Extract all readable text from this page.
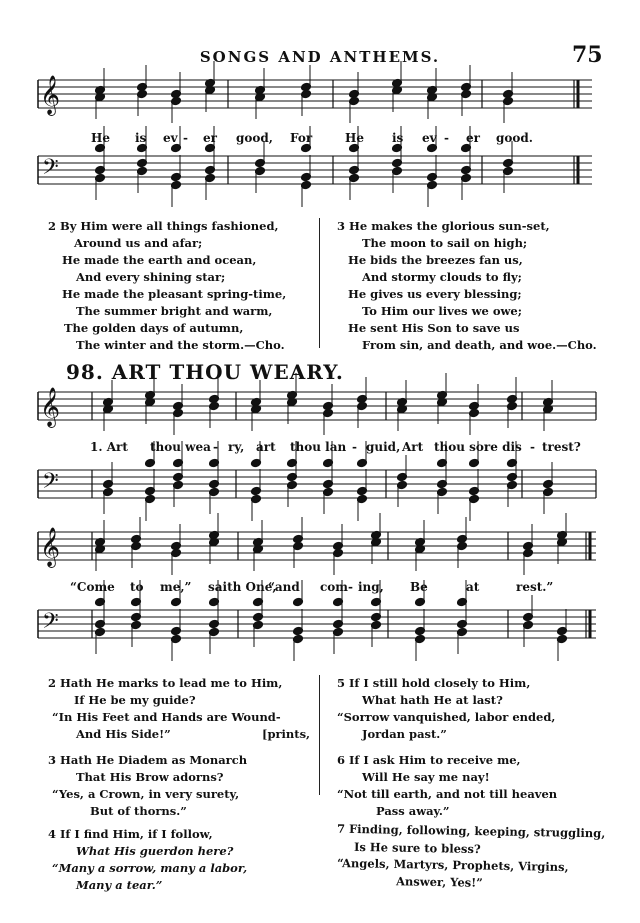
SONGS AND ANTHEMS.	75
𝄞
𝄢
𝄞
𝄢
𝄞
𝄢
He is ev - er good, For	He is ev - er good.
2 By Him were all things fashioned,
Around us and afar;
He made the earth and ocean,
And every shining star;
He made the pleasant spring-time,
The summer bright and warm,
The golden days of autumn,
The winter and the storm.—Cho.
3 He makes the glorious sun-set,
The moon to sail on high;
He bids the breezes fan us,
And stormy clouds to fly;
He gives us every blessing;
To Him our lives we owe;
He sent His Son to save us
From sin, and death, and woe.—Cho.
98. ART THOU WEARY.
1. Art thou wea - ry, art thou lan - guid, Art thou sore dis - trest?
“Come to me,” saith One,
“and com - ing, Be	at	rest.”
2 Hath He marks to lead me to Him,
If He be my guide?
“In His Feet and Hands are Wound-
And His Side!”	[prints,
3 Hath He Diadem as Monarch
That His Brow adorns?
“Yes, a Crown, in very surety,
But of thorns.”
4 If I find Him, if I follow,
What His guerdon here?
“Many a sorrow, many a labor,
Many a tear.”
5 If I still hold closely to Him,
What hath He at last?
“Sorrow vanquished, labor ended,
Jordan past.”
6 If I ask Him to receive me,
Will He say me nay!
“Not till earth, and not till heaven
Pass away.”
7 Finding, following, keeping, struggling,
Is He sure to bless?
“Angels, Martyrs, Prophets, Virgins,
Answer, Yes!”
